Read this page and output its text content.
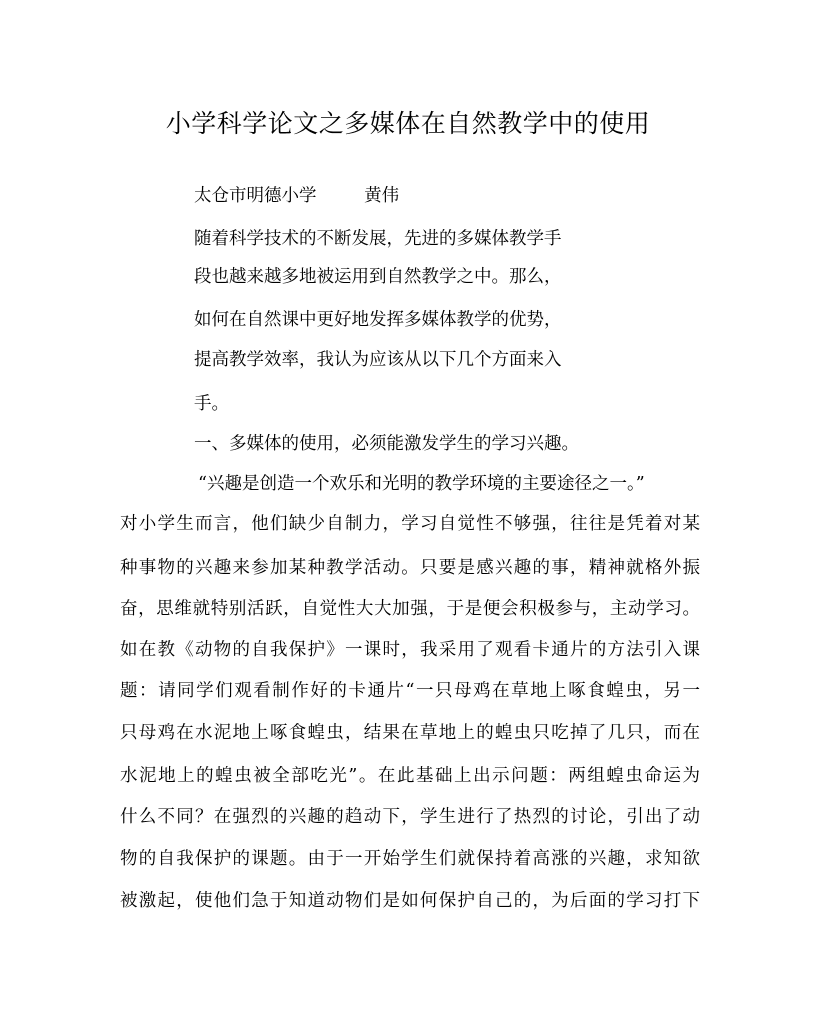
小学科学论文之多媒体在自然教学中的使用
太仓市明德小学	黄伟
随着科学技术的不断发展，先进的多媒体教学手
段也越来越多地被运用到自然教学之中。那么，
如何在自然课中更好地发挥多媒体教学的优势，
提高教学效率，我认为应该从以下几个方面来入
手。
一、多媒体的使用，必须能激发学生的学习兴趣。
“兴趣是创造一个欢乐和光明的教学环境的主要途径之一。”
对小学生而言，他们缺少自制力，学习自觉性不够强，往往是凭着对某
种事物的兴趣来参加某种教学活动。只要是感兴趣的事，精神就格外振
奋，思维就特别活跃，自觉性大大加强，于是便会积极参与，主动学习。
如在教《动物的自我保护》一课时，我采用了观看卡通片的方法引入课
题：请同学们观看制作好的卡通片“一只母鸡在草地上啄食蝗虫，另一
只母鸡在水泥地上啄食蝗虫，结果在草地上的蝗虫只吃掉了几只，而在
水泥地上的蝗虫被全部吃光”。在此基础上出示问题：两组蝗虫命运为
什么不同？在强烈的兴趣的趋动下，学生进行了热烈的讨论，引出了动
物的自我保护的课题。由于一开始学生们就保持着高涨的兴趣，求知欲
被激起，使他们急于知道动物们是如何保护自己的，为后面的学习打下
